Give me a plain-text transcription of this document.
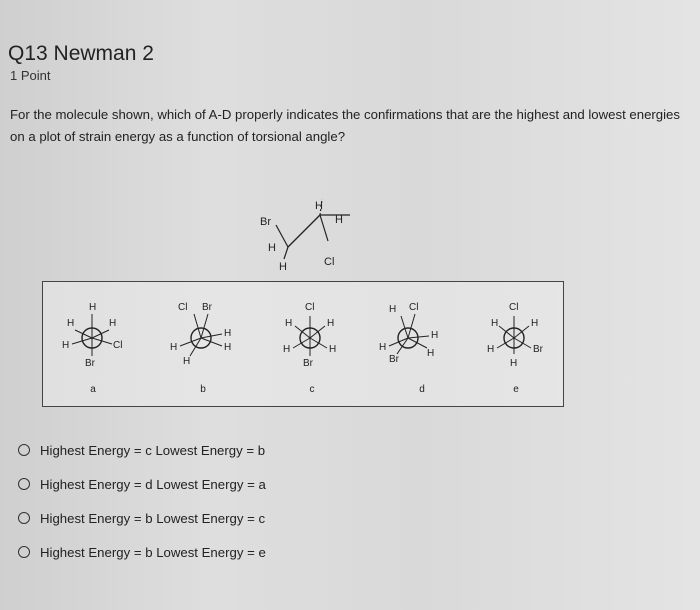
Q13 Newman 2
1 Point
For the molecule shown, which of A-D properly indicates the confirmations that are the highest and lowest energies on a plot of strain energy as a function of torsional angle?
Br
H
H
H
H	Cl
H
H	H
H	Cl
Br
a
Cl Br
H
H
H
H
b
Cl
H	H
H	H
Br
c
H Cl
H
H
H
Br
d
Cl
H	H
H	Br
H
e
Highest Energy = c Lowest Energy = b
Highest Energy = d Lowest Energy = a
Highest Energy = b Lowest Energy = c
Highest Energy = b Lowest Energy = e
